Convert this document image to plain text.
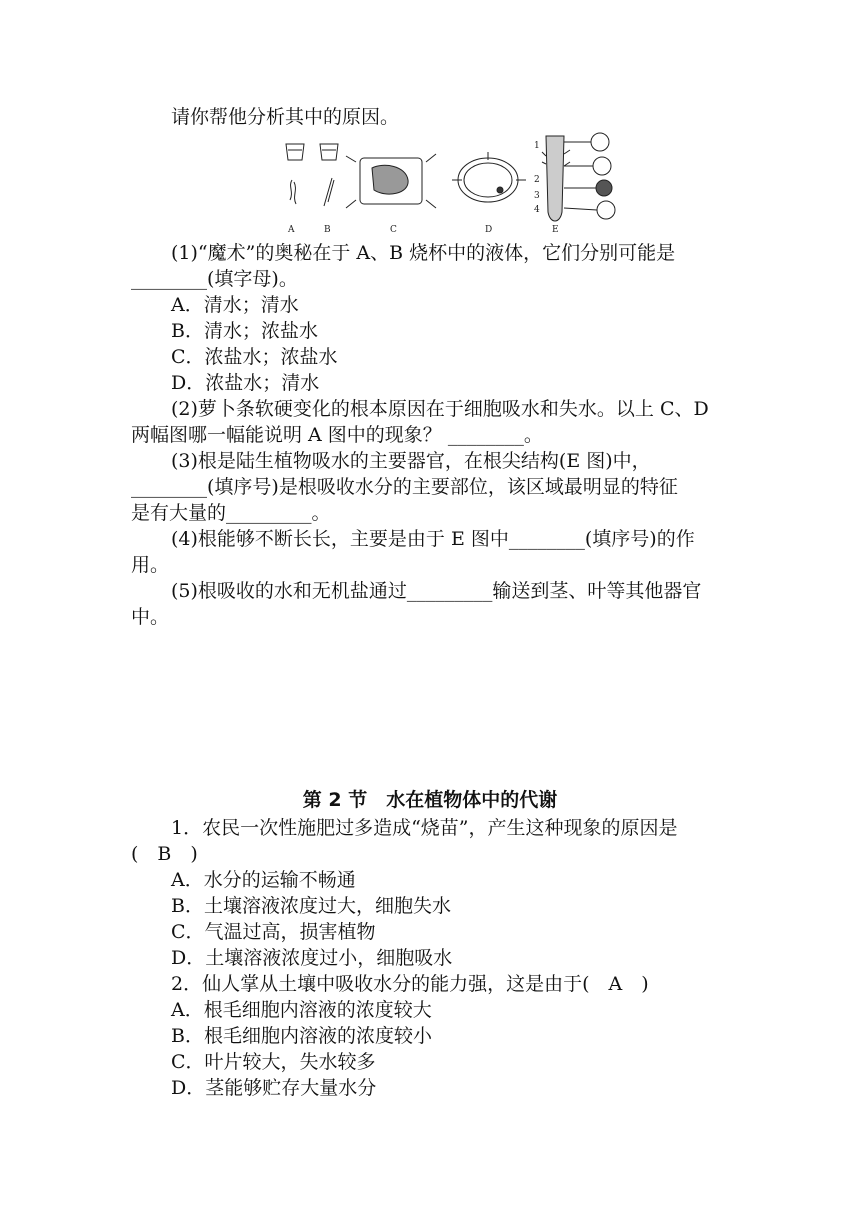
请你帮他分析其中的原因。
1
2
3
4
A	B	C	D	E
(1)“魔术”的奥秘在于 A、B 烧杯中的液体，它们分别可能是
________(填字母)。
A．清水；清水
B．清水；浓盐水
C．浓盐水；浓盐水
D．浓盐水；清水
(2)萝卜条软硬变化的根本原因在于细胞吸水和失水。以上 C、D
两幅图哪一幅能说明 A 图中的现象？ ________。
(3)根是陆生植物吸水的主要器官，在根尖结构(E 图)中，
________(填序号)是根吸收水分的主要部位，该区域最明显的特征
是有大量的_________。
(4)根能够不断长长，主要是由于 E 图中________(填序号)的作
用。
(5)根吸收的水和无机盐通过_________输送到茎、叶等其他器官
中。
第 2 节　水在植物体中的代谢
1．农民一次性施肥过多造成“烧苗”，产生这种现象的原因是
(　B　)
A．水分的运输不畅通
B．土壤溶液浓度过大，细胞失水
C．气温过高，损害植物
D．土壤溶液浓度过小，细胞吸水
2．仙人掌从土壤中吸收水分的能力强，这是由于(　A　)
A．根毛细胞内溶液的浓度较大
B．根毛细胞内溶液的浓度较小
C．叶片较大，失水较多
D．茎能够贮存大量水分
